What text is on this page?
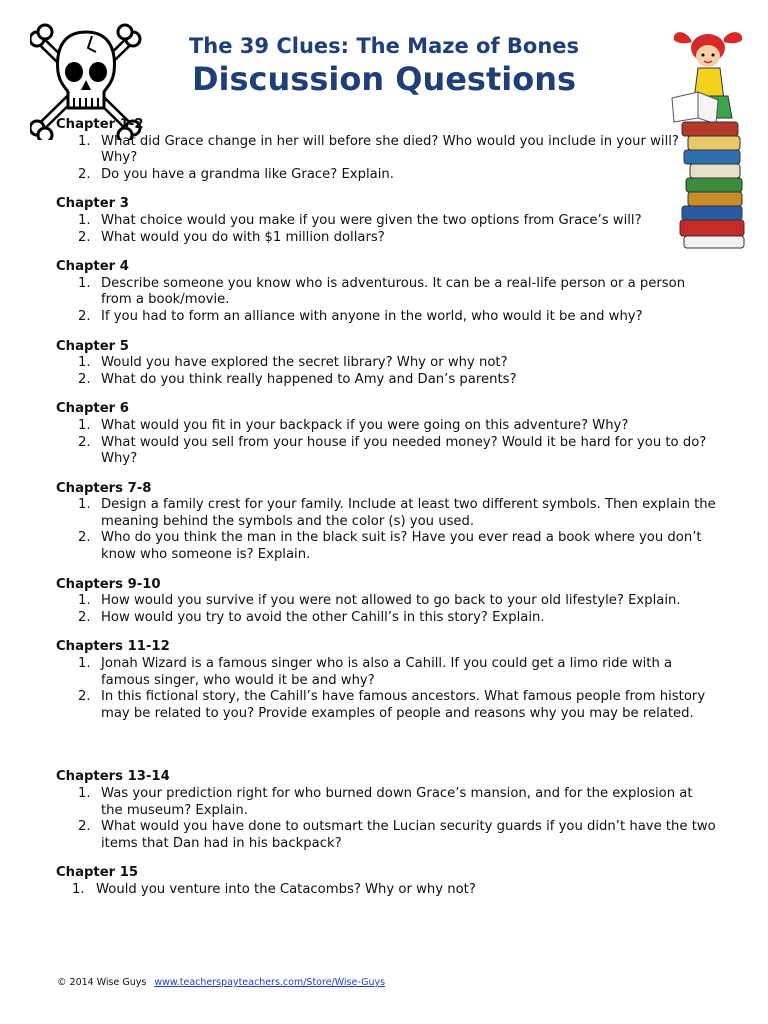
The 39 Clues: The Maze of Bones
Discussion Questions
Chapter 1-2
1. What did Grace change in her will before she died? Who would you include in your will? Why?
2. Do you have a grandma like Grace? Explain.
Chapter 3
1. What choice would you make if you were given the two options from Grace’s will?
2. What would you do with $1 million dollars?
Chapter 4
1. Describe someone you know who is adventurous. It can be a real-life person or a person from a book/movie.
2. If you had to form an alliance with anyone in the world, who would it be and why?
Chapter 5
1. Would you have explored the secret library? Why or why not?
2. What do you think really happened to Amy and Dan’s parents?
Chapter 6
1. What would you fit in your backpack if you were going on this adventure? Why?
2. What would you sell from your house if you needed money? Would it be hard for you to do? Why?
Chapters 7-8
1. Design a family crest for your family. Include at least two different symbols. Then explain the meaning behind the symbols and the color (s) you used.
2. Who do you think the man in the black suit is? Have you ever read a book where you don’t know who someone is? Explain.
Chapters 9-10
1. How would you survive if you were not allowed to go back to your old lifestyle? Explain.
2. How would you try to avoid the other Cahill’s in this story? Explain.
Chapters 11-12
1. Jonah Wizard is a famous singer who is also a Cahill. If you could get a limo ride with a famous singer, who would it be and why?
2. In this fictional story, the Cahill’s have famous ancestors. What famous people from history may be related to you? Provide examples of people and reasons why you may be related.
Chapters 13-14
1. Was your prediction right for who burned down Grace’s mansion, and for the explosion at the museum? Explain.
2. What would you have done to outsmart the Lucian security guards if you didn’t have the two items that Dan had in his backpack?
Chapter 15
1. Would you venture into the Catacombs? Why or why not?
© 2014 Wise Guys www.teacherspayteachers.com/Store/Wise-Guys
